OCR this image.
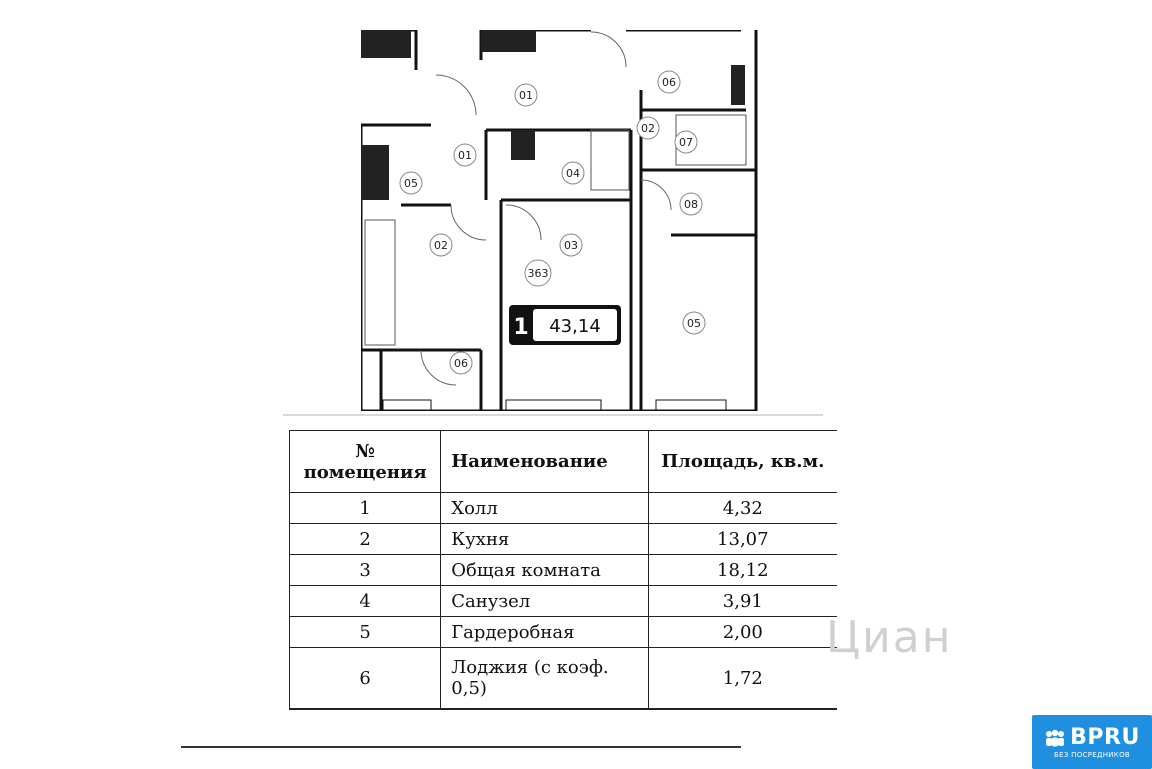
01
01
02	03
04
05
06
02
05
06
07
08
363
1 43,14
№
помещения	Наименование	Площадь, кв.м.
1	Холл	4,32
2	Кухня	13,07
3	Общая комната	18,12
4	Санузел	3,91
5	Гардеробная	2,00
6	Лоджия (с коэф. 0,5)	1,72
Циан
BPRU
БЕЗ ПОСРЕДНИКОВ
